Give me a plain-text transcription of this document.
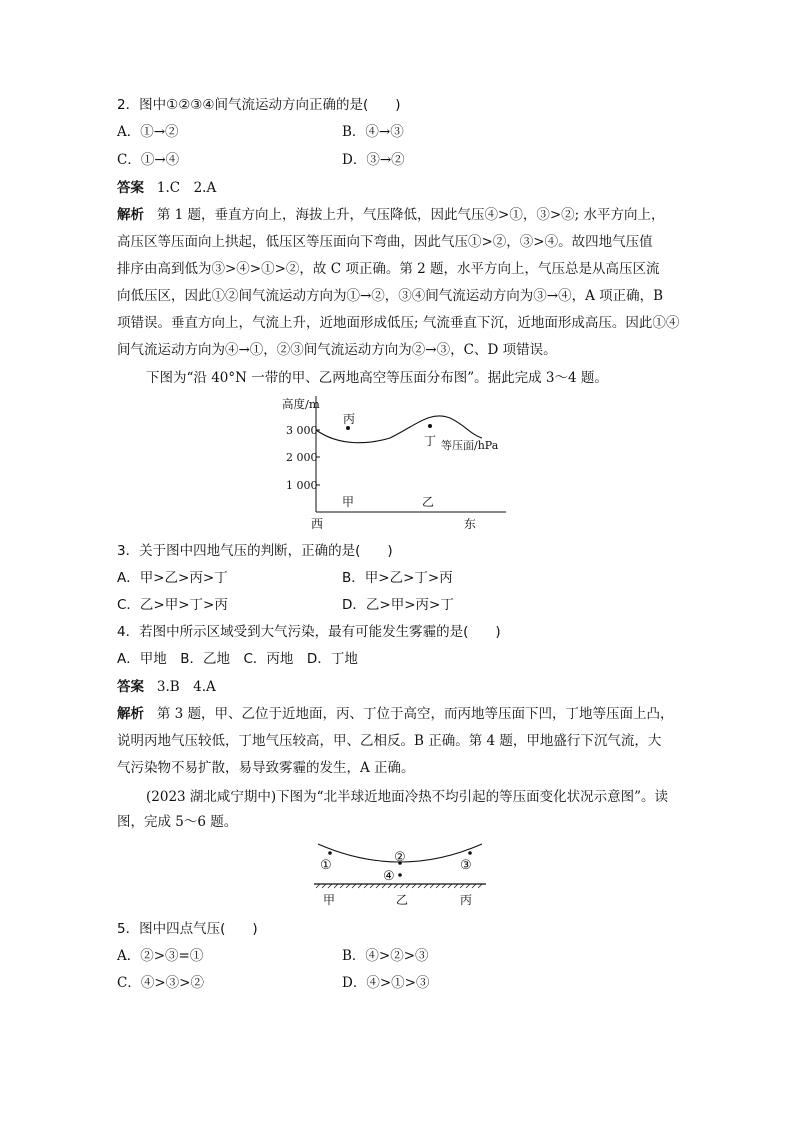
2．图中①②③④间气流运动方向正确的是(　　)
A．①→②	B．④→③
C．①→④	D．③→②
答案 1.C　2.A
解析 第 1 题，垂直方向上，海拔上升，气压降低，因此气压④>①，③>②; 水平方向上，
高压区等压面向上拱起，低压区等压面向下弯曲，因此气压①>②，③>④。故四地气压值
排序由高到低为③>④>①>②，故 C 项正确。第 2 题，水平方向上，气压总是从高压区流
向低压区，因此①②间气流运动方向为①→②，③④间气流运动方向为③→④，A 项正确，B
项错误。垂直方向上，气流上升，近地面形成低压; 气流垂直下沉，近地面形成高压。因此①④
间气流运动方向为④→①，②③间气流运动方向为②→③，C、D 项错误。
下图为“沿 40°N 一带的甲、乙两地高空等压面分布图”。据此完成 3～4 题。
高度/m
3 000
2 000
1 000
丙
丁 等压面/hPa
甲	乙
西	东
3．关于图中四地气压的判断，正确的是(　　)
A．甲>乙>丙>丁	B．甲>乙>丁>丙
C．乙>甲>丁>丙	D．乙>甲>丙>丁
4．若图中所示区域受到大气污染，最有可能发生雾霾的是(　　)
A．甲地　B．乙地　C．丙地　D．丁地
答案 3.B　4.A
解析 第 3 题，甲、乙位于近地面，丙、丁位于高空，而丙地等压面下凹，丁地等压面上凸，
说明丙地气压较低，丁地气压较高，甲、乙相反。B 正确。第 4 题，甲地盛行下沉气流，大
气污染物不易扩散，易导致雾霾的发生，A 正确。
(2023 湖北咸宁期中)下图为“北半球近地面冷热不均引起的等压面变化状况示意图”。读
图，完成 5～6 题。
①
②
③
④
甲	乙	丙
5．图中四点气压(　　)
A．②>③=①	B．④>②>③
C．④>③>②	D．④>①>③
